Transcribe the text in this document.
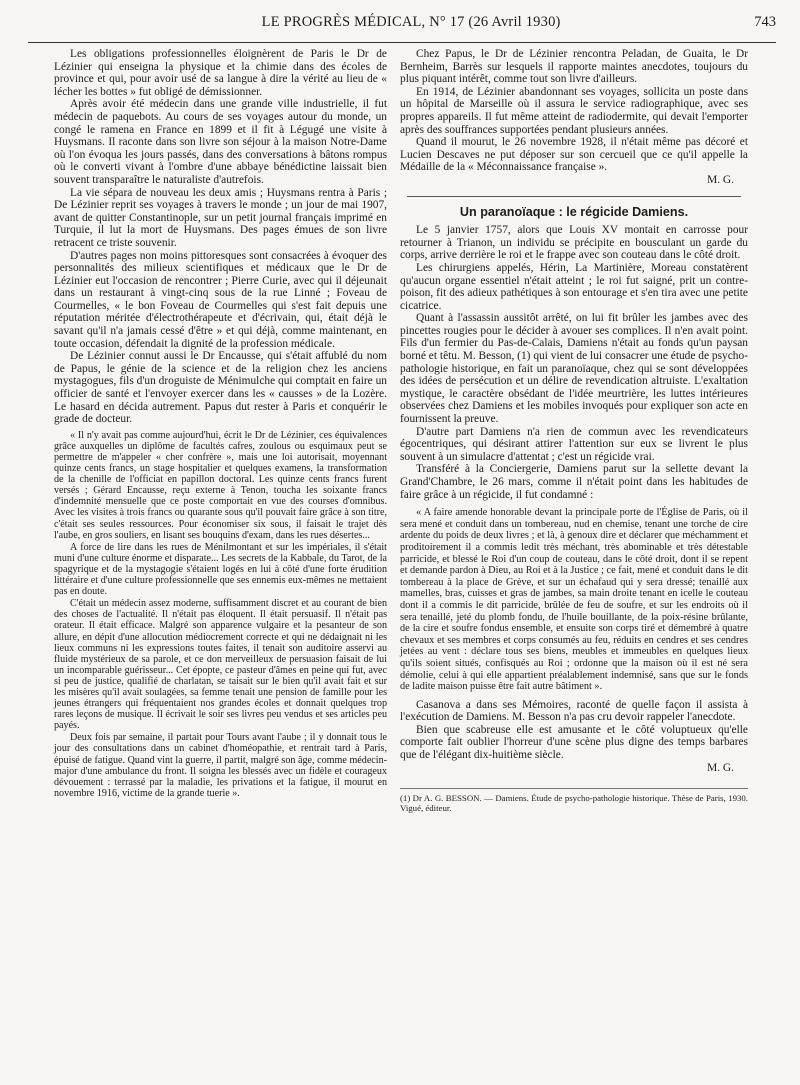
LE PROGRÈS MÉDICAL, N° 17 (26 Avril 1930)	743

Les obligations professionnelles éloignèrent de Paris le Dr de Lézinier qui enseigna la physique et la chimie dans des écoles de province et qui, pour avoir usé de sa langue à dire la vérité au lieu de « lécher les bottes » fut obligé de démissionner.

Après avoir été médecin dans une grande ville industrielle, il fut médecin de paquebots. Au cours de ses voyages autour du monde, un congé le ramena en France en 1899 et il fit à Légugé une visite à Huysmans. Il raconte dans son livre son séjour à la maison Notre-Dame où l'on évoqua les jours passés, dans des conversations à bâtons rompus où le converti vivant à l'ombre d'une abbaye bénédictine laissait bien souvent transparaître le naturaliste d'autrefois.

La vie sépara de nouveau les deux amis ; Huysmans rentra à Paris ; De Lézinier reprit ses voyages à travers le monde ; un jour de mai 1907, avant de quitter Constantinople, sur un petit journal français imprimé en Turquie, il lut la mort de Huysmans. Des pages émues de son livre retracent ce triste souvenir.

D'autres pages non moins pittoresques sont consacrées à évoquer des personnalités des milieux scientifiques et médicaux que le Dr de Lézinier eut l'occasion de rencontrer ; Pierre Curie, avec qui il déjeunait dans un restaurant à vingt-cinq sous de la rue Linné ; Foveau de Courmelles, « le bon Foveau de Courmelles qui s'est fait depuis une réputation méritée d'électrothérapeute et d'écrivain, qui, était déjà le savant qu'il n'a jamais cessé d'être » et qui déjà, comme maintenant, en toute occasion, défendait la dignité de la profession médicale.

De Lézinier connut aussi le Dr Encausse, qui s'était affublé du nom de Papus, le génie de la science et de la religion chez les anciens mystagogues, fils d'un droguiste de Ménimulche qui comptait en faire un officier de santé et l'envoyer exercer dans les « causses » de la Lozère. Le hasard en décida autrement. Papus dut rester à Paris et conquérir le grade de docteur.

« Il n'y avait pas comme aujourd'hui, écrit le Dr de Lézinier, ces équivalences grâce auxquelles un diplôme de facultés cafres, zoulous ou esquimaux peut se permettre de m'appeler « cher confrère », mais une loi autorisait, moyennant quinze cents francs, un stage hospitalier et quelques examens, la transformation de la chenille de l'officiat en papillon doctoral. Les quinze cents francs furent versés ; Gérard Encausse, reçu externe à Tenon, toucha les soixante francs d'indemnité mensuelle que ce poste comportait en vue des courses d'omnibus. Avec les visites à trois francs ou quarante sous qu'il pouvait faire grâce à son titre, c'était ses seules ressources. Pour économiser six sous, il faisait le trajet dès l'aube, en gros souliers, en lisant ses bouquins d'exam, dans les rues désertes...

A force de lire dans les rues de Ménilmontant et sur les impériales, il s'était muni d'une culture énorme et disparate... Les secrets de la Kabbale, du Tarot, de la spagyrique et de la mystagogie s'étaient logés en lui à côté d'une forte érudition littéraire et d'une culture professionnelle que ses ennemis eux-mêmes ne mettaient pas en doute.

C'était un médecin assez moderne, suffisamment discret et au courant de bien des choses de l'actualité. Il n'était pas éloquent. Il était persuasif. Il n'était pas orateur. Il était efficace. Malgré son apparence vulgaire et la pesanteur de son allure, en dépit d'une allocution médiocrement correcte et qui ne dédaignait ni les lieux communs ni les expressions toutes faites, il tenait son auditoire asservi au fluide mystérieux de sa parole, et ce don merveilleux de persuasion faisait de lui un incomparable guérisseur... Cet époptе, ce pasteur d'âmes en peine qui fut, avec si peu de justice, qualifié de charlatan, se taisait sur le bien qu'il avait fait et sur les misères qu'il avait soulagées, sa femme tenait une pension de famille pour les jeunes étrangers qui fréquentaient nos grandes écoles et donnait quelques trop rares leçons de musique. Il écrivait le soir ses livres peu vendus et ses articles peu payés.

Deux fois par semaine, il partait pour Tours avant l'aube ; il y donnait tous le jour des consultations dans un cabinet d'homéopathie, et rentrait tard à Paris, épuisé de fatigue. Quand vint la guerre, il partit, malgré son âge, comme médecin-major d'une ambulance du front. Il soigna les blessés avec un fidèle et courageux dévouement : terrassé par la maladie, les privations et la fatigue, il mourut en novembre 1916, victime de la grande tuerie ».

Chez Papus, le Dr de Lézinier rencontra Peladan, de Guaita, le Dr Bernheim, Barrès sur lesquels il rapporte maintes anecdotes, toujours du plus piquant intérêt, comme tout son livre d'ailleurs.

En 1914, de Lézinier abandonnant ses voyages, sollicita un poste dans un hôpital de Marseille où il assura le service radiographique, avec ses propres appareils. Il fut même atteint de radiodermite, qui devait l'emporter après des souffrances supportées pendant plusieurs années.

Quand il mourut, le 26 novembre 1928, il n'était même pas décoré et Lucien Descaves ne put déposer sur son cercueil que ce qu'il appelle la Médaille de la « Méconnaissance française ».

M. G.

Un paranoïaque : le régicide Damiens.

Le 5 janvier 1757, alors que Louis XV montait en carrosse pour retourner à Trianon, un individu se précipite en bousculant un garde du corps, arrive derrière le roi et le frappe avec son couteau dans le côté droit.

Les chirurgiens appelés, Hérin, La Martinière, Moreau constatèrent qu'aucun organe essentiel n'était atteint ; le roi fut saigné, prit un contre-poison, fit des adieux pathétiques à son entourage et s'en tira avec une petite cicatrice.

Quant à l'assassin aussitôt arrêté, on lui fit brûler les jambes avec des pincettes rougies pour le décider à avouer ses complices. Il n'en avait point. Fils d'un fermier du Pas-de-Calais, Damiens n'était au fonds qu'un paysan borné et têtu. M. Besson, (1) qui vient de lui consacrer une étude de psycho-pathologie historique, en fait un paranoïaque, chez qui se sont développées des idées de persécution et un délire de revendication altruiste. L'exaltation mystique, le caractère obsédant de l'idée meurtrière, les luttes intérieures observées chez Damiens et les mobiles invoqués pour expliquer son acte en fournissent la preuve.

D'autre part Damiens n'a rien de commun avec les revendicateurs égocentriques, qui désirant attirer l'attention sur eux se livrent le plus souvent à un simulacre d'attentat ; c'est un régicide vrai.

Transféré à la Conciergerie, Damiens parut sur la sellette devant la Grand'Chambre, le 26 mars, comme il n'était point dans les habitudes de faire grâce à un régicide, il fut condamné :

« A faire amende honorable devant la principale porte de l'Église de Paris, où il sera mené et conduit dans un tombereau, nud en chemise, tenant une torche de cire ardente du poids de deux livres ; et là, à genoux dire et déclarer que méchamment et proditoirement il a commis ledit très méchant, très abominable et très détestable parricide, et blessé le Roi d'un coup de couteau, dans le côté droit, dont il se repent et demande pardon à Dieu, au Roi et à la Justice ; ce fait, mené et conduit dans le dit tombereau à la place de Grève, et sur un échafaud qui y sera dressé; tenaillé aux mamelles, bras, cuisses et gras de jambes, sa main droite tenant en icelle le couteau dont il a commis le dit parricide, brûlée de feu de soufre, et sur les endroits où il sera tenaillé, jeté du plomb fondu, de l'huile bouillante, de la poix-résine brûlante, de la cire et soufre fondus ensemble, et ensuite son corps tiré et démembré à quatre chevaux et ses membres et corps consumés au feu, réduits en cendres et ses cendres jetées au vent : déclare tous ses biens, meubles et immeubles en quelques lieux qu'ils soient situés, confisqués au Roi ; ordonne que la maison où il est né sera démolie, celui à qui elle appartient préalablement indemnisé, sans que sur le fonds de ladite maison puisse être fait autre bâtiment ».

Casanova a dans ses Mémoires, raconté de quelle façon il assista à l'exécution de Damiens. M. Besson n'a pas cru devoir rappeler l'anecdote.

Bien que scabreuse elle est amusante et le côté voluptueux qu'elle comporte fait oublier l'horreur d'une scène plus digne des temps barbares que de l'élégant dix-huitième siècle.

M. G.

(1) Dr A. G. BESSON. — Damiens. Étude de psycho-pathologie historique. Thèse de Paris, 1930. Vigué, éditeur.
